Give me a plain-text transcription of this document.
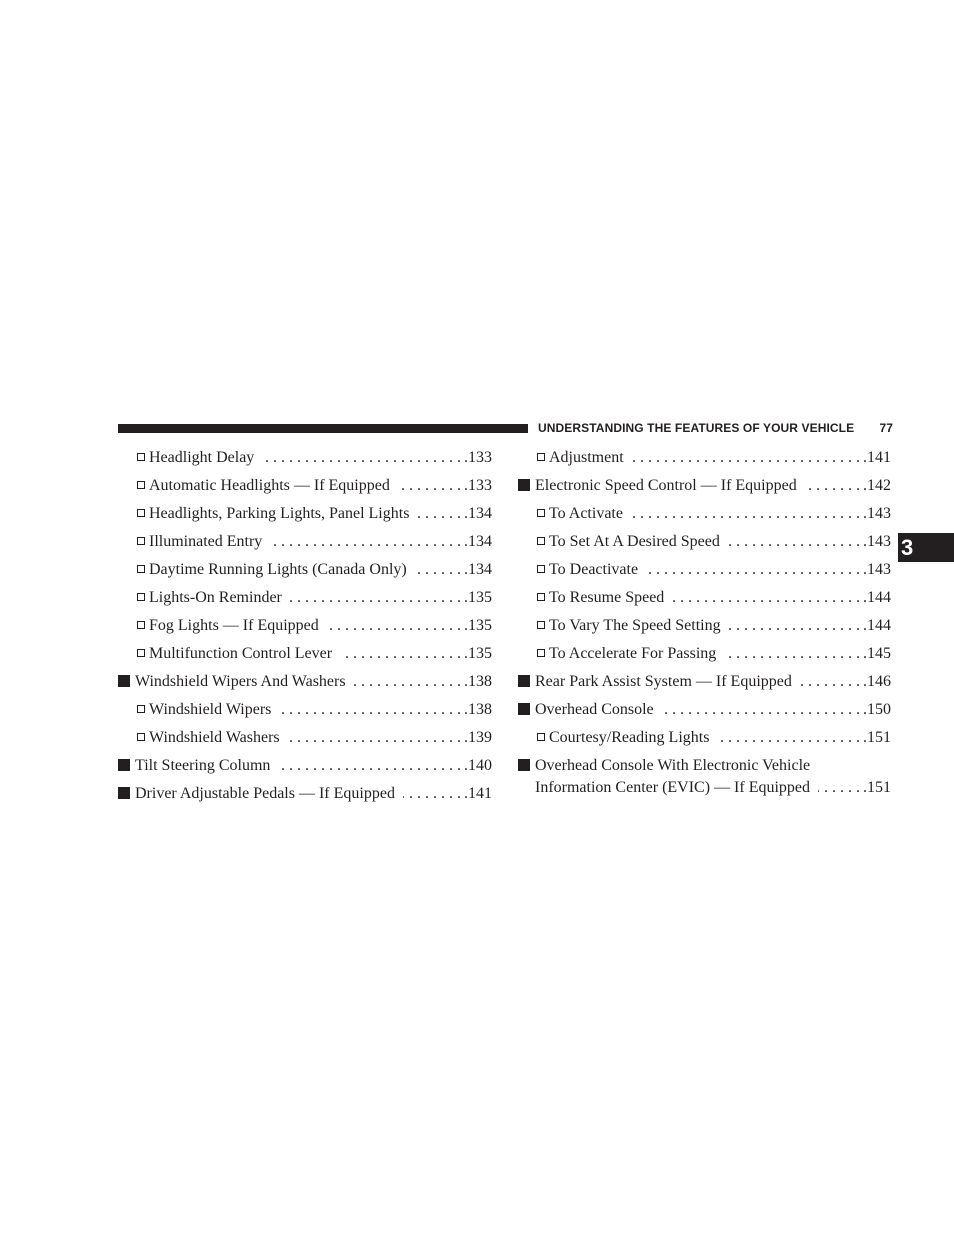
UNDERSTANDING THE FEATURES OF YOUR VEHICLE 77
3
Headlight Delay . . .	.133
Automatic Headlights — If Equipped . . .	.133
Headlights, Parking Lights, Panel Lights . . .	.134
Illuminated Entry . . .	.134
Daytime Running Lights (Canada Only) . . .	.134
Lights-On Reminder . . .	.135
Fog Lights — If Equipped . . .	.135
Multifunction Control Lever . . .	.135
Windshield Wipers And Washers . . .	.138
Windshield Wipers . . .	.138
Windshield Washers . . .	.139
Tilt Steering Column . . .	.140
Driver Adjustable Pedals — If Equipped . . .	.141
Adjustment . . .	.141
Electronic Speed Control — If Equipped . . .	.142
To Activate . . .	.143
To Set At A Desired Speed . . .	.143
To Deactivate . . .	.143
To Resume Speed . . .	.144
To Vary The Speed Setting . . .	.144
To Accelerate For Passing . . .	.145
Rear Park Assist System — If Equipped . . .	.146
Overhead Console . . .	.150
Courtesy/Reading Lights . . .	.151
Overhead Console With Electronic Vehicle
Information Center (EVIC) — If Equipped . . .	.151
